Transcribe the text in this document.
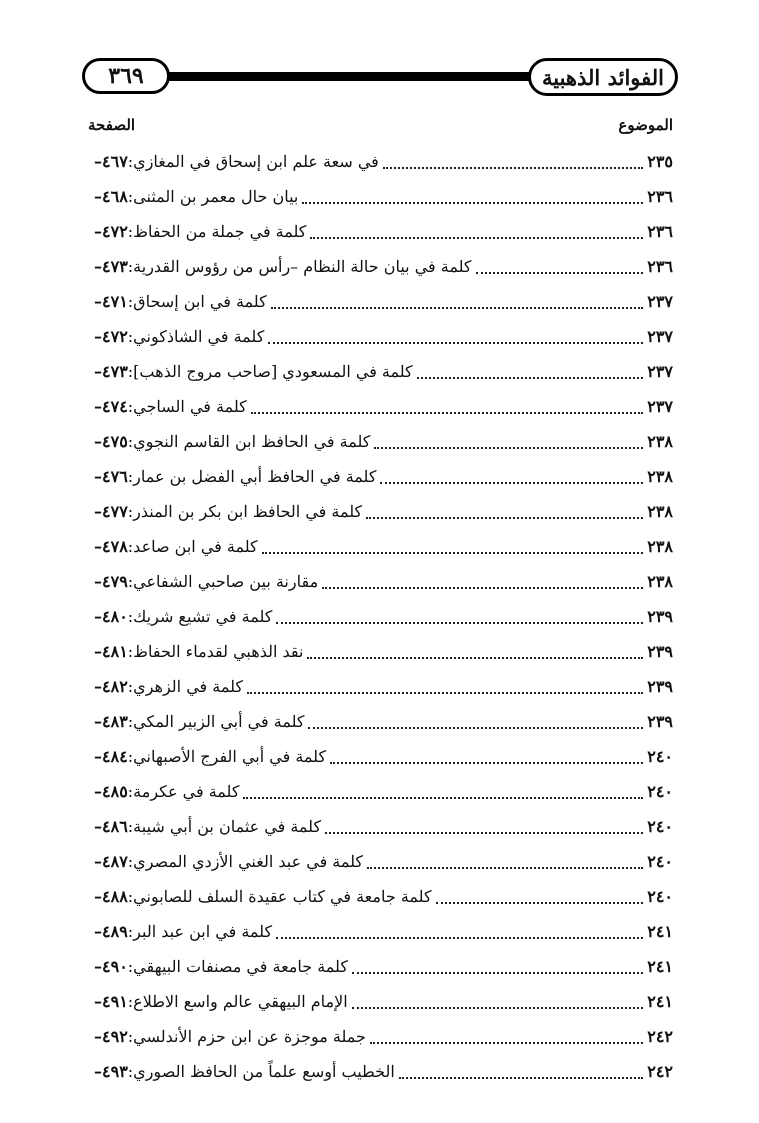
٣٦٩	الفوائد الذهبية
الصفحة	الموضوع
٤٦٧– في سعة علم ابن إسحاق في المغازي:	٢٣٥
٤٦٨– بيان حال معمر بن المثنى:	٢٣٦
٤٧٢– كلمة في جملة من الحفاظ:	٢٣٦
٤٧٣– كلمة في بيان حالة النظام –رأس من رؤوس القدرية:	٢٣٦
٤٧١– كلمة في ابن إسحاق:	٢٣٧
٤٧٢– كلمة في الشاذكوني:	٢٣٧
٤٧٣– كلمة في المسعودي [صاحب مروج الذهب]:	٢٣٧
٤٧٤– كلمة في الساجي:	٢٣٧
٤٧٥– كلمة في الحافظ ابن القاسم النجوي:	٢٣٨
٤٧٦– كلمة في الحافظ أبي الفضل بن عمار:	٢٣٨
٤٧٧– كلمة في الحافظ ابن بكر بن المنذر:	٢٣٨
٤٧٨– كلمة في ابن صاعد:	٢٣٨
٤٧٩– مقارنة بين صاحبي الشفاعي:	٢٣٨
٤٨٠– كلمة في تشيع شريك:	٢٣٩
٤٨١– نقد الذهبي لقدماء الحفاظ:	٢٣٩
٤٨٢– كلمة في الزهري:	٢٣٩
٤٨٣– كلمة في أبي الزبير المكي:	٢٣٩
٤٨٤– كلمة في أبي الفرج الأصبهاني:	٢٤٠
٤٨٥– كلمة في عكرمة:	٢٤٠
٤٨٦– كلمة في عثمان بن أبي شيبة:	٢٤٠
٤٨٧– كلمة في عبد الغني الأزدي المصري:	٢٤٠
٤٨٨– كلمة جامعة في كتاب عقيدة السلف للصابوني:	٢٤٠
٤٨٩– كلمة في ابن عبد البر:	٢٤١
٤٩٠– كلمة جامعة في مصنفات البيهقي:	٢٤١
٤٩١– الإمام البيهقي عالم واسع الاطلاع:	٢٤١
٤٩٢– جملة موجزة عن ابن حزم الأندلسي:	٢٤٢
٤٩٣– الخطيب أوسع علماً من الحافظ الصوري:	٢٤٢
